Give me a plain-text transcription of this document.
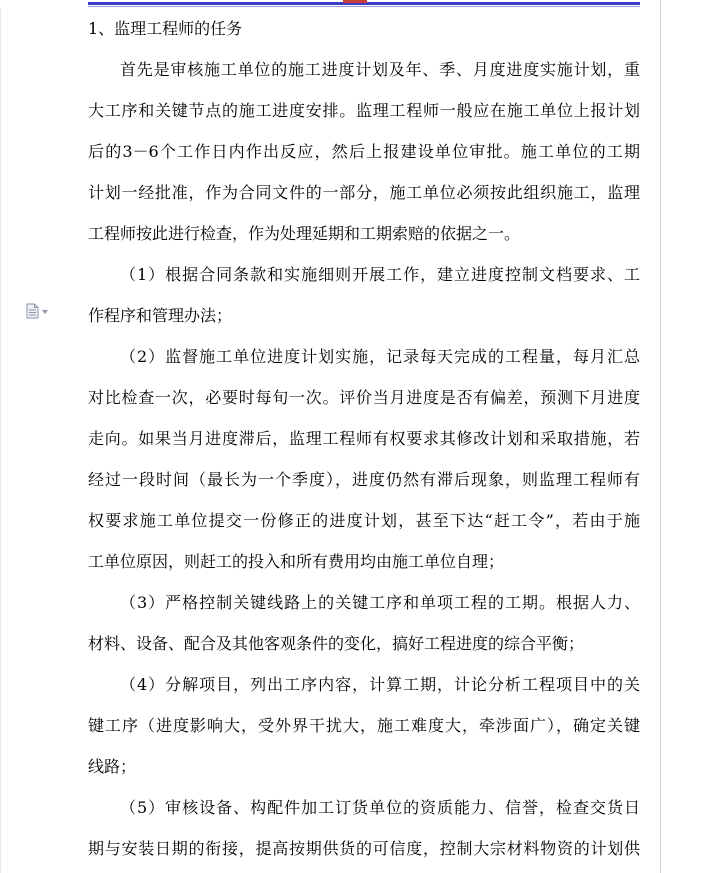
1、监理工程师的任务
首先是审核施工单位的施工进度计划及年、季、月度进度实施计划，重
大工序和关键节点的施工进度安排。监理工程师一般应在施工单位上报计划
后的3－6个工作日内作出反应，然后上报建设单位审批。施工单位的工期
计划一经批准，作为合同文件的一部分，施工单位必须按此组织施工，监理
工程师按此进行检查，作为处理延期和工期索赔的依据之一。
（1）根据合同条款和实施细则开展工作，建立进度控制文档要求、工
作程序和管理办法；
（2）监督施工单位进度计划实施，记录每天完成的工程量，每月汇总
对比检查一次，必要时每旬一次。评价当月进度是否有偏差，预测下月进度
走向。如果当月进度滞后，监理工程师有权要求其修改计划和采取措施，若
经过一段时间（最长为一个季度），进度仍然有滞后现象，则监理工程师有
权要求施工单位提交一份修正的进度计划，甚至下达“赶工令”，若由于施
工单位原因，则赶工的投入和所有费用均由施工单位自理；
（3）严格控制关键线路上的关键工序和单项工程的工期。根据人力、
材料、设备、配合及其他客观条件的变化，搞好工程进度的综合平衡；
（4）分解项目，列出工序内容，计算工期，计论分析工程项目中的关
键工序（进度影响大，受外界干扰大，施工难度大，牵涉面广），确定关键
线路；
（5）审核设备、构配件加工订货单位的资质能力、信誉，检查交货日
期与安装日期的衔接，提高按期供货的可信度，控制大宗材料物资的计划供
